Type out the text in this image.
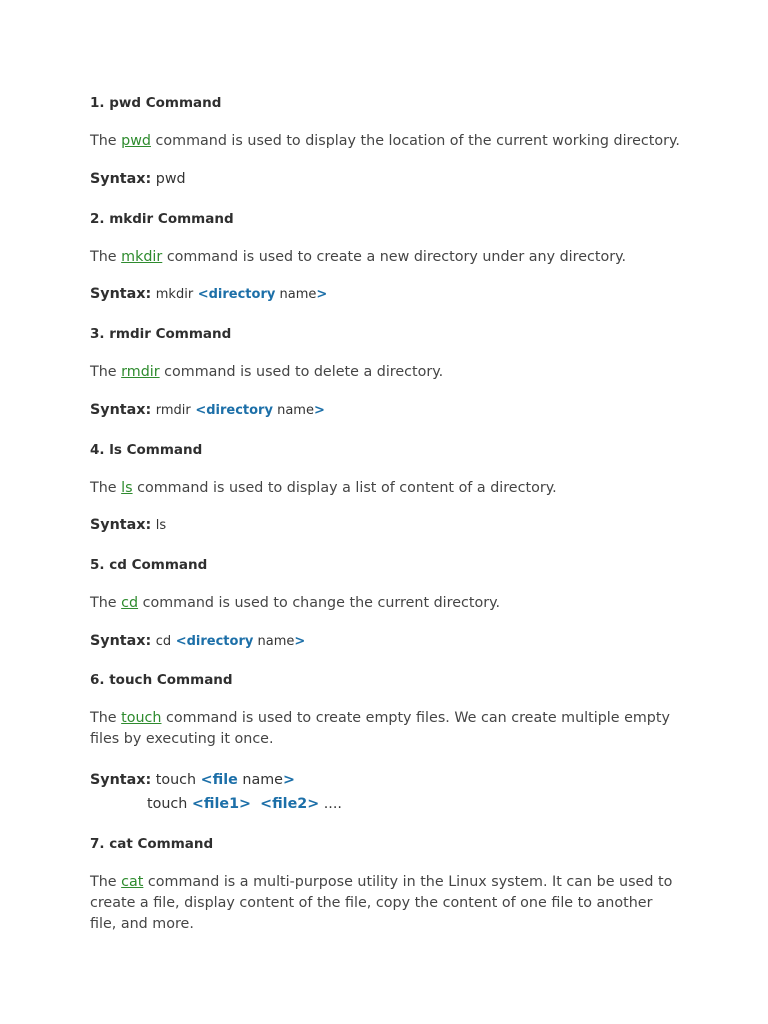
1. pwd Command
The pwd command is used to display the location of the current working directory.
Syntax: pwd
2. mkdir Command
The mkdir command is used to create a new directory under any directory.
Syntax: mkdir <directory name>
3. rmdir Command
The rmdir command is used to delete a directory.
Syntax: rmdir <directory name>
4. ls Command
The ls command is used to display a list of content of a directory.
Syntax: ls
5. cd Command
The cd command is used to change the current directory.
Syntax: cd <directory name>
6. touch Command
The touch command is used to create empty files. We can create multiple empty files by executing it once.
Syntax: touch <file name>
touch <file1> <file2> ....
7. cat Command
The cat command is a multi-purpose utility in the Linux system. It can be used to create a file, display content of the file, copy the content of one file to another file, and more.
